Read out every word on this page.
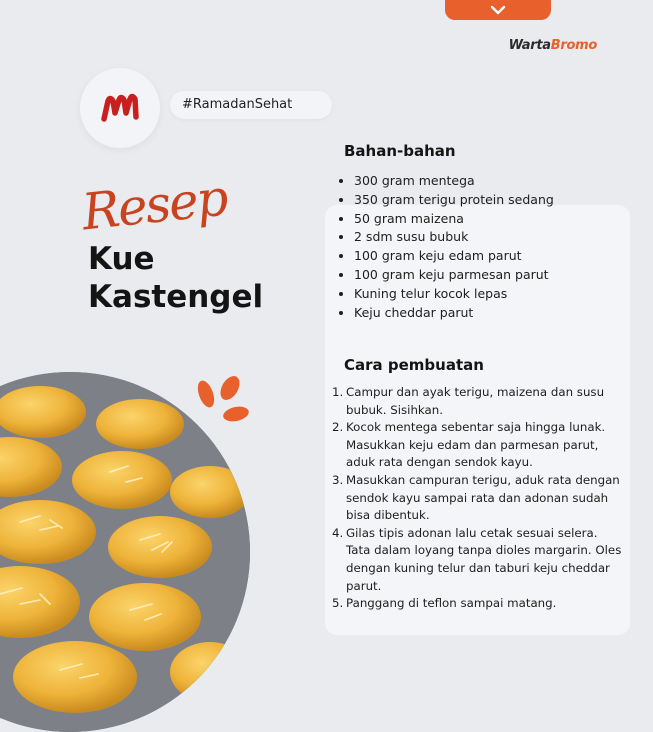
WartaBromo
#RamadanSehat
Resep
Kue
Kastengel
Bahan-bahan
• 300 gram mentega
• 350 gram terigu protein sedang
• 50 gram maizena
• 2 sdm susu bubuk
• 100 gram keju edam parut
• 100 gram keju parmesan parut
• Kuning telur kocok lepas
• Keju cheddar parut
Cara pembuatan
1. Campur dan ayak terigu, maizena dan susu bubuk. Sisihkan.
2. Kocok mentega sebentar saja hingga lunak. Masukkan keju edam dan parmesan parut, aduk rata dengan sendok kayu.
3. Masukkan campuran terigu, aduk rata dengan sendok kayu sampai rata dan adonan sudah bisa dibentuk.
4. Gilas tipis adonan lalu cetak sesuai selera. Tata dalam loyang tanpa dioles margarin. Oles dengan kuning telur dan taburi keju cheddar parut.
5. Panggang di teflon sampai matang.
